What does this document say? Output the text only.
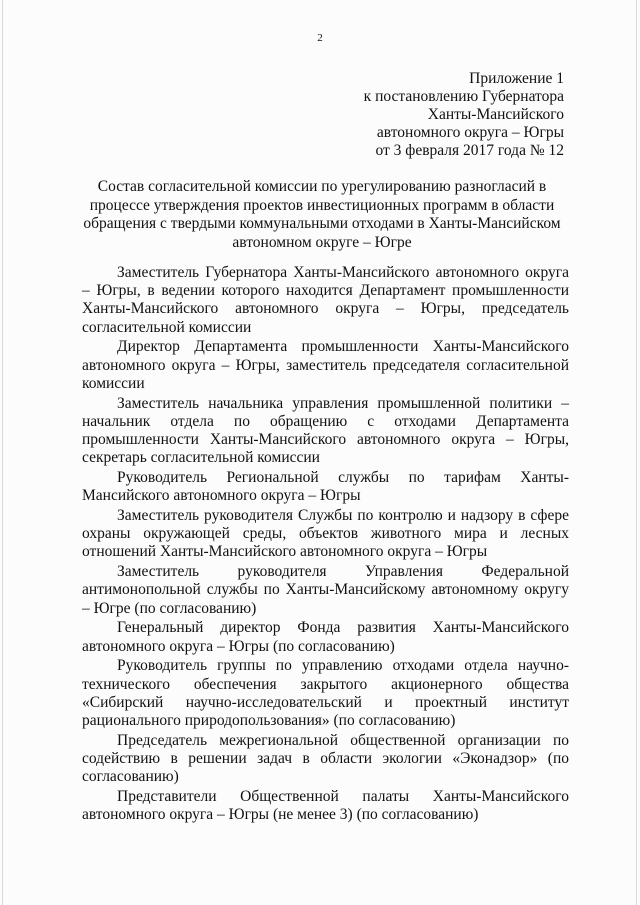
2
Приложение 1
к постановлению Губернатора
Ханты-Мансийского
автономного округа – Югры
от 3 февраля 2017 года № 12
Состав согласительной комиссии по урегулированию разногласий в
процессе утверждения проектов инвестиционных программ в области
обращения с твердыми коммунальными отходами в Ханты-Мансийском
автономном округе – Югре

Заместитель Губернатора Ханты-Мансийского автономного округа – Югры, в ведении которого находится Департамент промышленности Ханты-Мансийского автономного округа – Югры, председатель согласительной комиссии

Директор Департамента промышленности Ханты-Мансийского автономного округа – Югры, заместитель председателя согласительной комиссии

Заместитель начальника управления промышленной политики – начальник отдела по обращению с отходами Департамента промышленности Ханты-Мансийского автономного округа – Югры, секретарь согласительной комиссии

Руководитель Региональной службы по тарифам Ханты-Мансийского автономного округа – Югры

Заместитель руководителя Службы по контролю и надзору в сфере охраны окружающей среды, объектов животного мира и лесных отношений Ханты-Мансийского автономного округа – Югры

Заместитель руководителя Управления Федеральной антимонопольной службы по Ханты-Мансийскому автономному округу – Югре (по согласованию)

Генеральный директор Фонда развития Ханты-Мансийского автономного округа – Югры (по согласованию)

Руководитель группы по управлению отходами отдела научно-технического обеспечения закрытого акционерного общества «Сибирский научно-исследовательский и проектный институт рационального природопользования» (по согласованию)

Председатель межрегиональной общественной организации по содействию в решении задач в области экологии «Эконадзор» (по согласованию)

Представители Общественной палаты Ханты-Мансийского автономного округа – Югры (не менее 3) (по согласованию)
